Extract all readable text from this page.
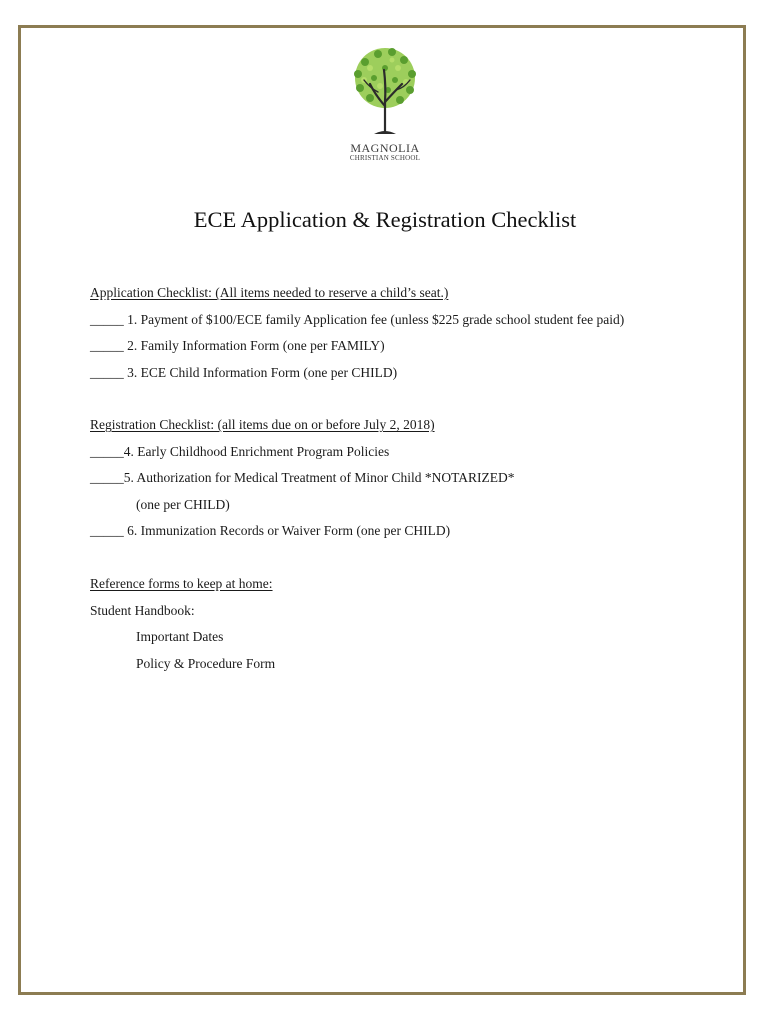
MAGNOLIA
CHRISTIAN SCHOOL
ECE Application & Registration Checklist
Application Checklist: (All items needed to reserve a child’s seat.)
_____ 1. Payment of $100/ECE family Application fee (unless $225 grade school student fee paid)
_____ 2. Family Information Form (one per FAMILY)
_____ 3. ECE Child Information Form (one per CHILD)
Registration Checklist: (all items due on or before July 2, 2018)
_____4. Early Childhood Enrichment Program Policies
_____5. Authorization for Medical Treatment of Minor Child *NOTARIZED*
(one per CHILD)
_____ 6. Immunization Records or Waiver Form (one per CHILD)
Reference forms to keep at home:
Student Handbook:
Important Dates
Policy & Procedure Form
